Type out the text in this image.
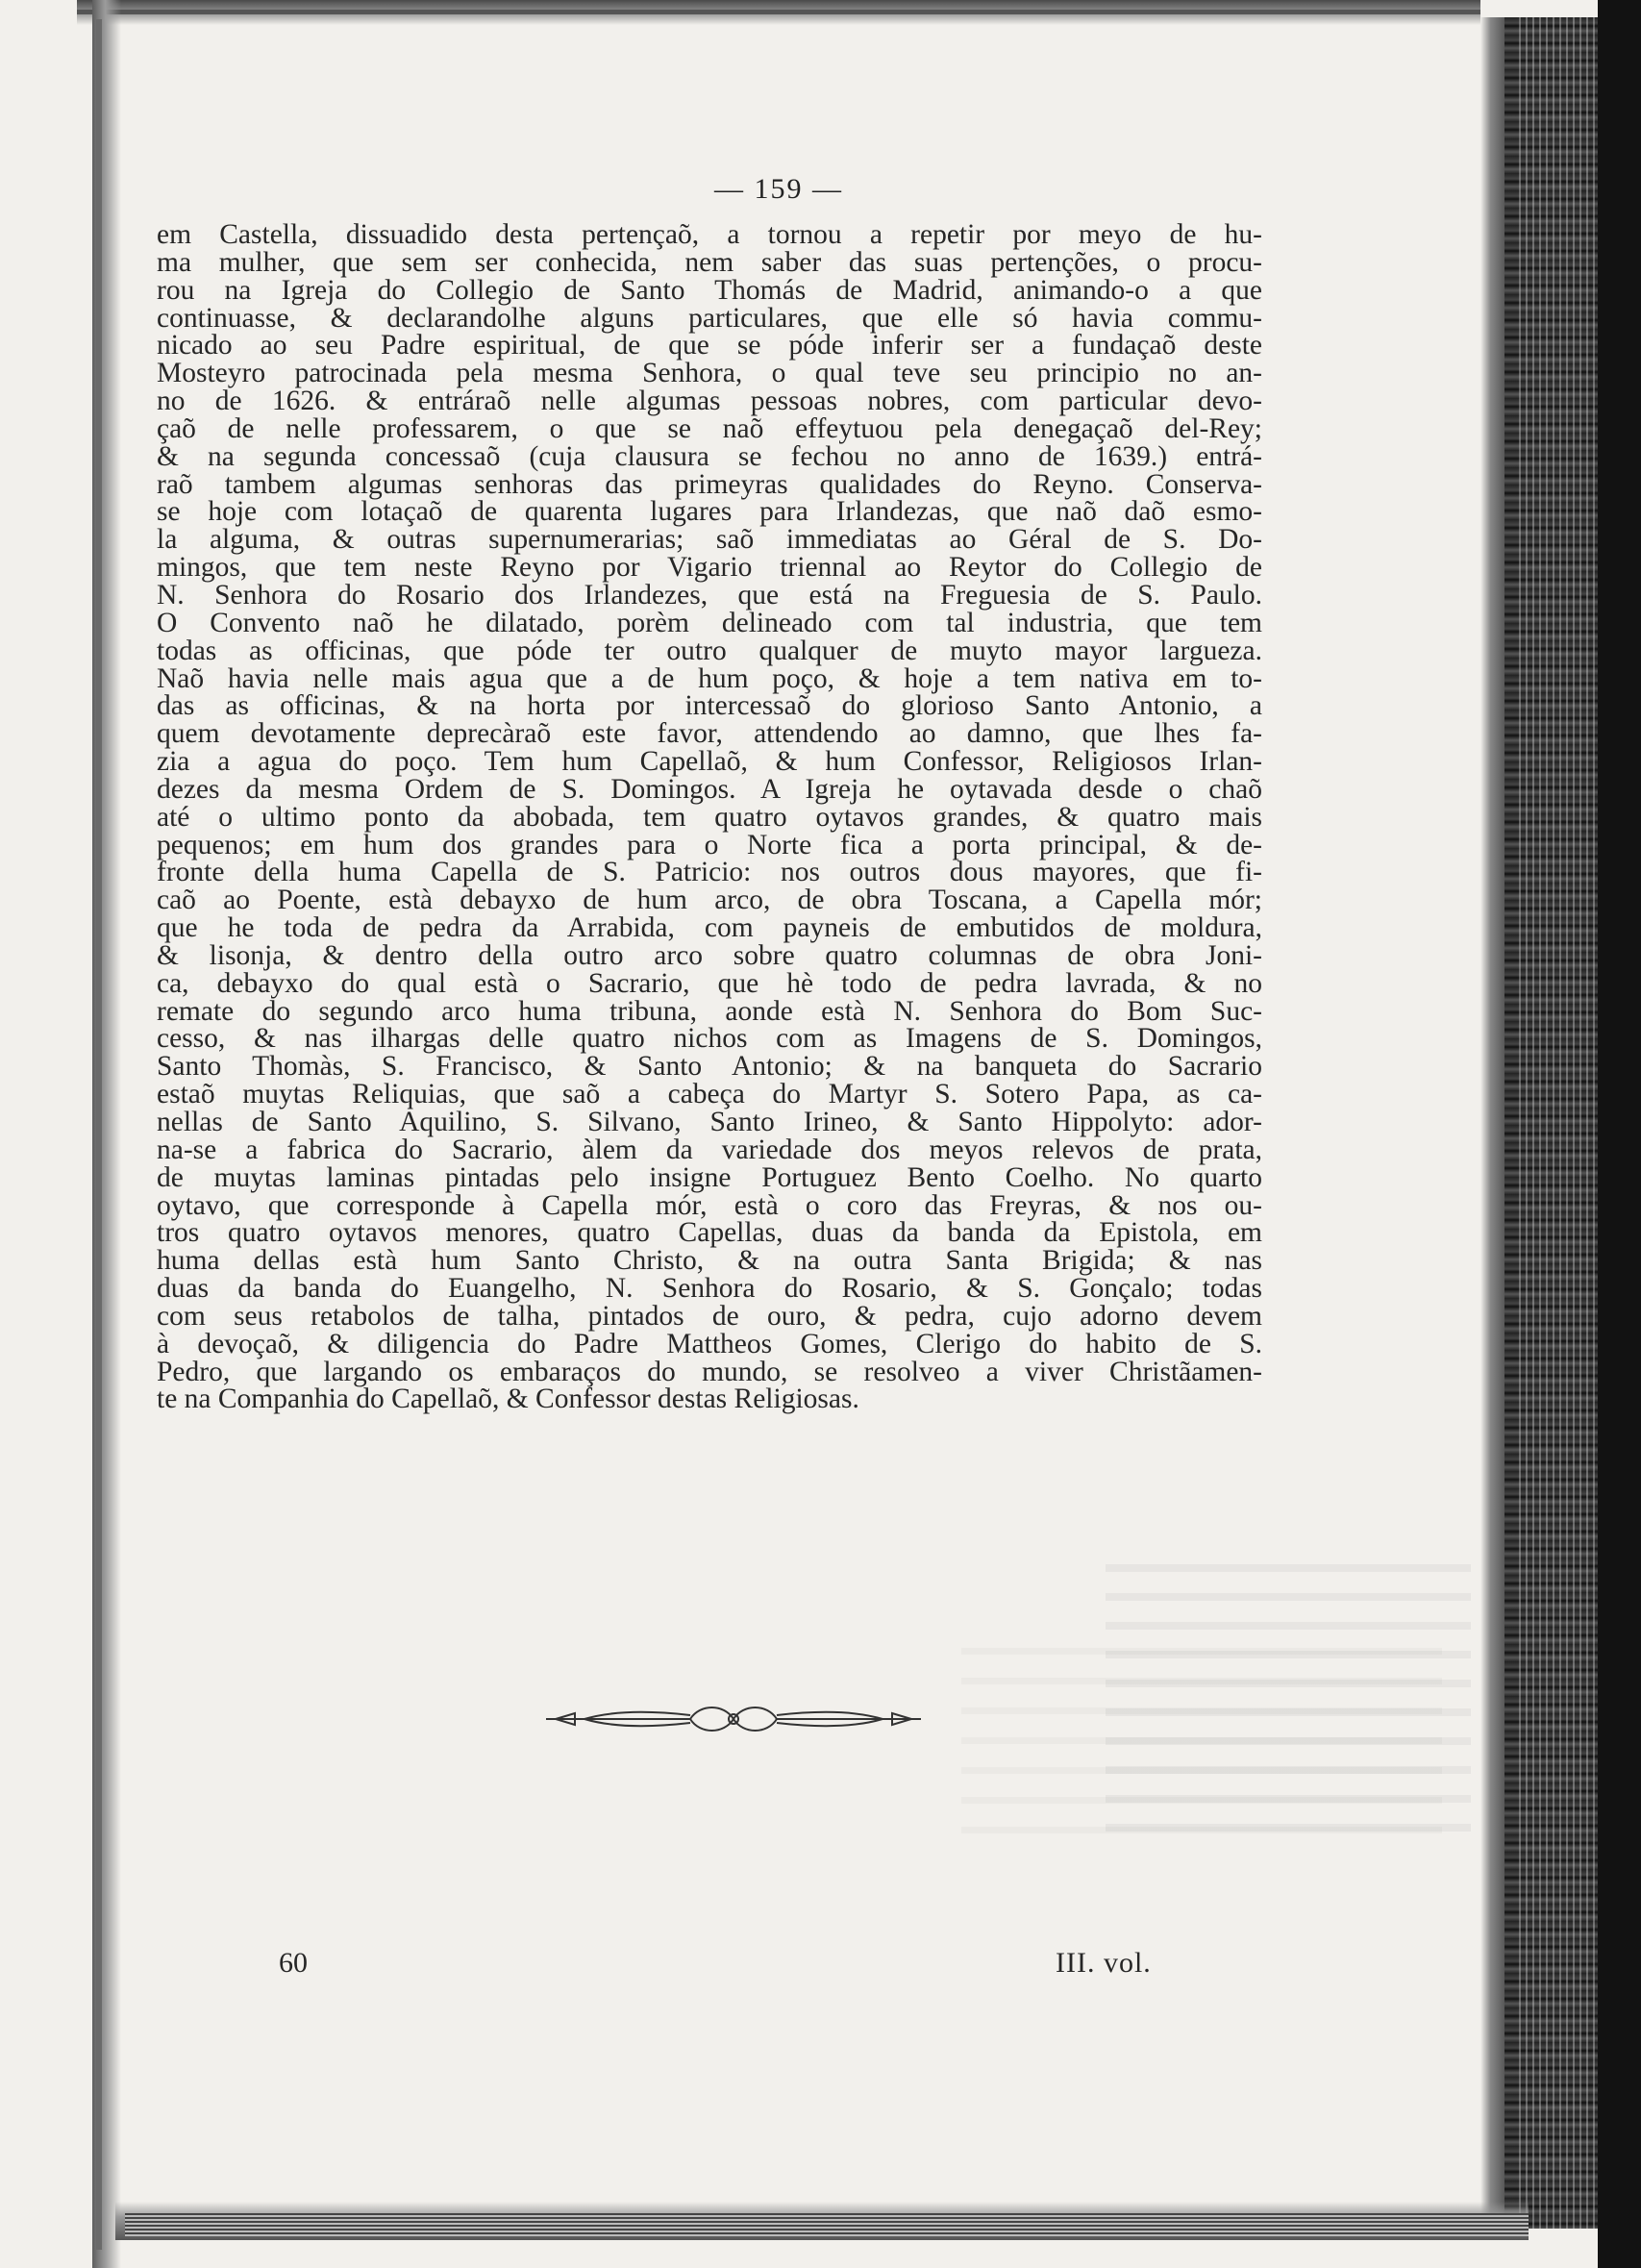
— 159 —
em Castella, dissuadido desta pertençaõ, a tornou a repetir por meyo de hu-
ma mulher, que sem ser conhecida, nem saber das suas pertenções, o procu-
rou na Igreja do Collegio de Santo Thomás de Madrid, animando-o a que
continuasse, & declarandolhe alguns particulares, que elle só havia commu-
nicado ao seu Padre espiritual, de que se póde inferir ser a fundaçaõ deste
Mosteyro patrocinada pela mesma Senhora, o qual teve seu principio no an-
no de 1626. & entráraõ nelle algumas pessoas nobres, com particular devo-
çaõ de nelle professarem, o que se naõ effeytuou pela denegaçaõ del-Rey;
& na segunda concessaõ (cuja clausura se fechou no anno de 1639.) entrá-
raõ tambem algumas senhoras das primeyras qualidades do Reyno. Conserva-
se hoje com lotaçaõ de quarenta lugares para Irlandezas, que naõ daõ esmo-
la alguma, & outras supernumerarias; saõ immediatas ao Géral de S. Do-
mingos, que tem neste Reyno por Vigario triennal ao Reytor do Collegio de
N. Senhora do Rosario dos Irlandezes, que está na Freguesia de S. Paulo.
O Convento naõ he dilatado, porèm delineado com tal industria, que tem
todas as officinas, que póde ter outro qualquer de muyto mayor largueza.
Naõ havia nelle mais agua que a de hum poço, & hoje a tem nativa em to-
das as officinas, & na horta por intercessaõ do glorioso Santo Antonio, a
quem devotamente deprecàraõ este favor, attendendo ao damno, que lhes fa-
zia a agua do poço. Tem hum Capellaõ, & hum Confessor, Religiosos Irlan-
dezes da mesma Ordem de S. Domingos. A Igreja he oytavada desde o chaõ
até o ultimo ponto da abobada, tem quatro oytavos grandes, & quatro mais
pequenos; em hum dos grandes para o Norte fica a porta principal, & de-
fronte della huma Capella de S. Patricio: nos outros dous mayores, que fi-
caõ ao Poente, està debayxo de hum arco, de obra Toscana, a Capella mór;
que he toda de pedra da Arrabida, com payneis de embutidos de moldura,
& lisonja, & dentro della outro arco sobre quatro columnas de obra Joni-
ca, debayxo do qual està o Sacrario, que hè todo de pedra lavrada, & no
remate do segundo arco huma tribuna, aonde està N. Senhora do Bom Suc-
cesso, & nas ilhargas delle quatro nichos com as Imagens de S. Domingos,
Santo Thomàs, S. Francisco, & Santo Antonio; & na banqueta do Sacrario
estaõ muytas Reliquias, que saõ a cabeça do Martyr S. Sotero Papa, as ca-
nellas de Santo Aquilino, S. Silvano, Santo Irineo, & Santo Hippolyto: ador-
na-se a fabrica do Sacrario, àlem da variedade dos meyos relevos de prata,
de muytas laminas pintadas pelo insigne Portuguez Bento Coelho. No quarto
oytavo, que corresponde à Capella mór, està o coro das Freyras, & nos ou-
tros quatro oytavos menores, quatro Capellas, duas da banda da Epistola, em
huma dellas està hum Santo Christo, & na outra Santa Brigida; & nas
duas da banda do Euangelho, N. Senhora do Rosario, & S. Gonçalo; todas
com seus retabolos de talha, pintados de ouro, & pedra, cujo adorno devem
à devoçaõ, & diligencia do Padre Mattheos Gomes, Clerigo do habito de S.
Pedro, que largando os embaraços do mundo, se resolveo a viver Christãamen-
te na Companhia do Capellaõ, & Confessor destas Religiosas.
60	III. vol.
